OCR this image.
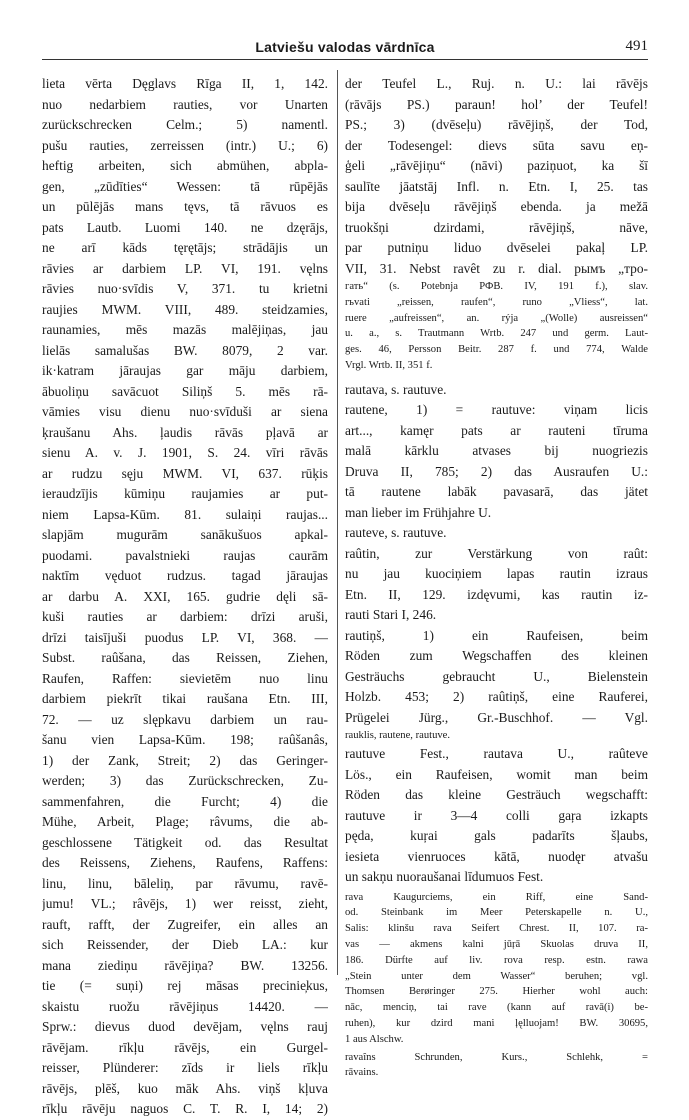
Latviešu valodas vārdnīca	491
lieta vērta Dęglavs Rīga II, 1, 142.
nuo nedarbiem rauties, vor Unarten
zurückschrecken Celm.; 5) namentl.
pušu rauties, zerreissen (intr.) U.; 6)
heftig arbeiten, sich abmühen, abpla-
gen, „zūdīties“ Wessen: tā rūpējās
un pūlējās mans tęvs, tā rāvuos es
pats Lautb. Luomi 140. ne dzęrājs,
ne arī kāds tęrętājs; strādājis un
rāvies ar darbiem LP. VI, 191. vęlns
rāvies nuo·svīdis V, 371. tu krietni
raujies MWM. VIII, 489. steidzamies,
raunamies, mēs mazās malējiņas, jau
lielās samalušas BW. 8079, 2 var.
ik·katram jāraujas gar māju darbiem,
ābuoliņu savācuot Siliņš 5. mēs rā-
vāmies visu dienu nuo·svīduši ar siena
ķraušanu Ahs. ļaudis rāvās pļavā ar
sienu A. v. J. 1901, S. 24. vīri rāvās
ar rudzu sęju MWM. VI, 637. rūķis
ieraudzījis kūmiņu raujamies ar put-
niem Lapsa-Kūm. 81. sulaiņi raujas...
slapjām mugurām sanākušuos apkal-
puodami. pavalstnieki raujas caurām
naktīm vęduot rudzus. tagad jāraujas
ar darbu A. XXI, 165. gudrie dęli sā-
kuši rauties ar darbiem: drīzi aruši,
drīzi taisījuši puodus LP. VI, 368. —
Subst. raûšana, das Reissen, Ziehen,
Raufen, Raffen: sievietēm nuo linu
darbiem piekrīt tikai raušana Etn. III,
72. — uz slępkavu darbiem un rau-
šanu vien Lapsa-Kūm. 198; raûšanâs,
1) der Zank, Streit; 2) das Geringer-
werden; 3) das Zurückschrecken, Zu-
sammenfahren, die Furcht; 4) die
Mühe, Arbeit, Plage; râvums, die ab-
geschlossene Tätigkeit od. das Resultat
des Reissens, Ziehens, Raufens, Raffens:
linu, linu, bāleliņ, par rāvumu, ravē-
jumu! VL.; râvējs, 1) wer reisst, zieht,
rauft, rafft, der Zugreifer, ein alles an
sich Reissender, der Dieb LA.: kur
mana ziediņu rāvējiņa? BW. 13256.
tie (= suņi) rej māsas precinie̦kus,
skaistu ruožu rāvējiņus 14420. —
Sprw.: dievus duod devējam, vęlns rauj
rāvējam. rīkļu rāvējs, ein Gurgel-
reisser, Plünderer: zīds ir liels rīkļu
rāvējs, plēš, kuo māk Ahs. viņš kļuva
rīkļu rāvēju naguos C. T. R. I, 14; 2)
der Teufel L., Ruj. n. U.: lai rāvējs
(rāvājs PS.) paraun! hol’ der Teufel!
PS.; 3) (dvēseļu) rāvējiņš, der Tod,
der Todesengel: dievs sūta savu eņ-
ģeli „rāvējiņu“ (nāvi) paziņuot, ka šī
saulīte jāatstāj Infl. n. Etn. I, 25. tas
bija dvēseļu rāvējiņš ebenda. ja mežā
truokšņi dzirdami, rāvējiņš, nāve,
par putniņu liduo dvēselei pakaļ LP.
VII, 31. Nebst ravêt zu r. dial. рымъ „тро-
гать“ (s. Potebnja РФВ. IV, 191 f.), slav.
rъvati „reissen, raufen“, runo „Vliess“, lat.
ruere „aufreissen“, an. rýja „(Wolle) ausreissen“
u. a., s. Trautmann Wrtb. 247 und germ. Laut-
ges. 46, Persson Beitr. 287 f. und 774, Walde
Vrgl. Wrtb. II, 351 f.
rautava, s. rautuve.
rautene, 1) = rautuve: viņam licis
art..., kamęr pats ar rauteni tīruma
malā kārklu atvases bij nuogriezis
Druva II, 785; 2) das Ausraufen U.:
tā rautene labāk pavasarā, das jätet
man lieber im Frühjahre U.
rauteve, s. rautuve.
raûtin, zur Verstärkung von raût:
nu jau kuociņiem lapas rautin izraus
Etn. II, 129. izdęvumi, kas rautin iz-
rauti Stari I, 246.
rautiņš, 1) ein Raufeisen, beim
Röden zum Wegschaffen des kleinen
Gesträuchs gebraucht U., Bielenstein
Holzb. 453; 2) raûtiņš, eine Rauferei,
Prügelei Jürg., Gr.-Buschhof. — Vgl.
rauklis, rautene, rautuve.
rautuve Fest., rautava U., raûteve
Lös., ein Raufeisen, womit man beim
Röden das kleine Gesträuch wegschafft:
rautuve ir 3—4 colli gaŗa izkapts
pęda, kuŗai gals padarīts šļaubs,
iesieta vienruoces kātā, nuodęr atvašu
un sakņu nuoraušanai līdumuos Fest.
rava Kaugurciems, ein Riff, eine Sand-
od. Steinbank im Meer Peterskapelle n. U.,
Salis: klinšu rava Seifert Chrest. II, 107. ra-
vas — akmens kalni jūŗā Skuolas druva II,
186. Dürfte auf liv. rova resp. estn. rawa
„Stein unter dem Wasser“ beruhen; vgl.
Thomsen Berøringer 275. Hierher wohl auch:
nāc, menciņ, tai rave (kann auf ravā(i) be-
ruhen), kur dzird mani ļęlluojam! BW. 30695,
1 aus Alschw.
ravaîns Schrunden, Kurs., Schlehk, =
rāvains.
